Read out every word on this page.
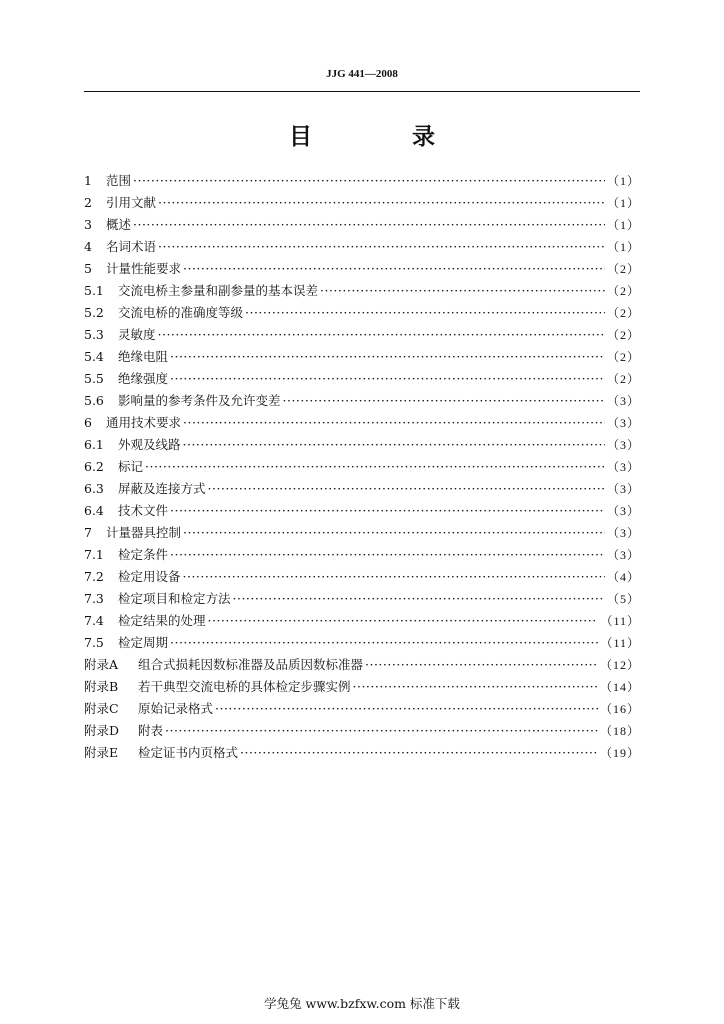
JJG 441—2008
目 录
1	范围 ·····	（1）
2	引用文献 ·····	（1）
3	概述 ·····	（1）
4	名词术语 ·····	（1）
5	计量性能要求 ·····	（2）
5.1	交流电桥主参量和副参量的基本误差 ·····	（2）
5.2	交流电桥的准确度等级 ·····	（2）
5.3	灵敏度 ·····	（2）
5.4	绝缘电阻 ·····	（2）
5.5	绝缘强度 ·····	（2）
5.6	影响量的参考条件及允许变差 ·····	（3）
6	通用技术要求 ·····	（3）
6.1	外观及线路 ·····	（3）
6.2	标记 ·····	（3）
6.3	屏蔽及连接方式 ·····	（3）
6.4	技术文件 ·····	（3）
7	计量器具控制 ·····	（3）
7.1	检定条件 ·····	（3）
7.2	检定用设备 ·····	（4）
7.3	检定项目和检定方法 ·····	（5）
7.4	检定结果的处理 ·····	（11）
7.5	检定周期 ·····	（11）
附录A	组合式损耗因数标准器及品质因数标准器 ·····	（12）
附录B	若干典型交流电桥的具体检定步骤实例 ·····	（14）
附录C	原始记录格式 ·····	（16）
附录D	附表 ·····	（18）
附录E	检定证书内页格式 ·····	（19）
学兔兔 www.bzfxw.com 标准下载
